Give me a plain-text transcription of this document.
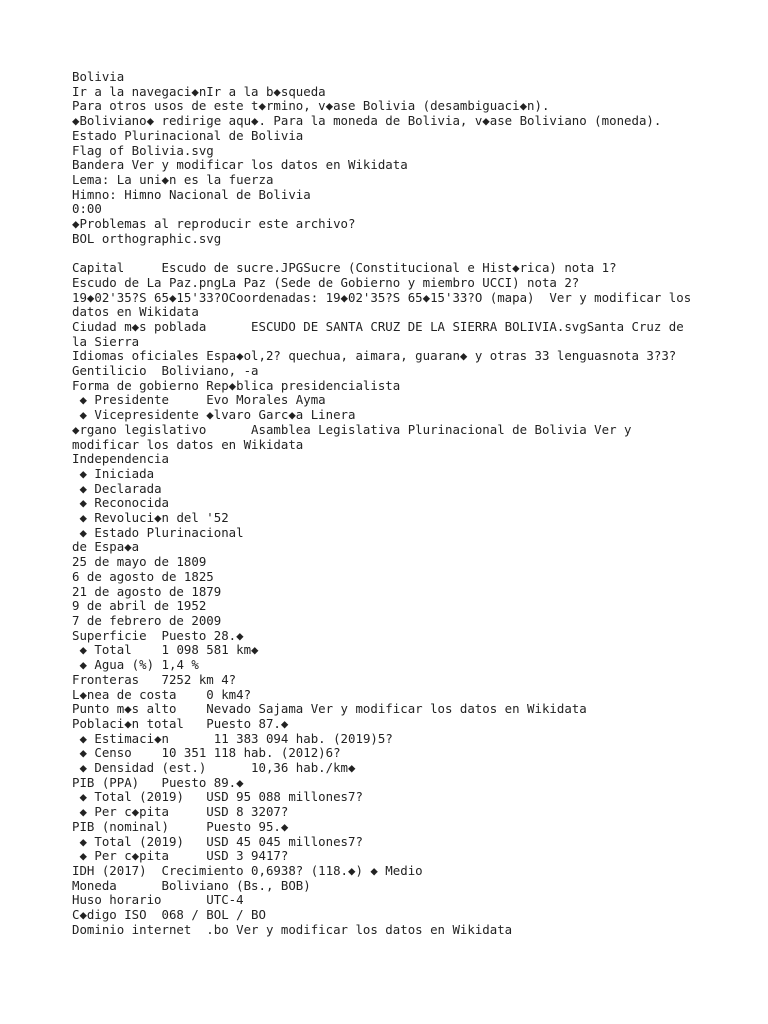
Bolivia
Ir a la navegaci◆nIr a la b◆squeda
Para otros usos de este t◆rmino, v◆ase Bolivia (desambiguaci◆n).
◆Boliviano◆ redirige aqu◆. Para la moneda de Bolivia, v◆ase Boliviano (moneda).
Estado Plurinacional de Bolivia
Flag of Bolivia.svg
Bandera Ver y modificar los datos en Wikidata
Lema: La uni◆n es la fuerza
Himno: Himno Nacional de Bolivia
0:00
◆Problemas al reproducir este archivo?
BOL orthographic.svg
Capital     Escudo de sucre.JPGSucre (Constitucional e Hist◆rica) nota 1?
Escudo de La Paz.pngLa Paz (Sede de Gobierno y miembro UCCI) nota 2?
19◆02'35?S 65◆15'33?OCoordenadas: 19◆02'35?S 65◆15'33?O (mapa)  Ver y modificar los datos en Wikidata
Ciudad m◆s poblada      ESCUDO DE SANTA CRUZ DE LA SIERRA BOLIVIA.svgSanta Cruz de la Sierra
Idiomas oficiales Espa◆ol,2? quechua, aimara, guaran◆ y otras 33 lenguasnota 3?3?
Gentilicio  Boliviano, -a
Forma de gobierno Rep◆blica presidencialista
◆ Presidente     Evo Morales Ayma
◆ Vicepresidente ◆lvaro Garc◆a Linera
◆rgano legislativo      Asamblea Legislativa Plurinacional de Bolivia Ver y modificar los datos en Wikidata
Independencia
◆ Iniciada
◆ Declarada
◆ Reconocida
◆ Revoluci◆n del '52
◆ Estado Plurinacional
de Espa◆a
25 de mayo de 1809
6 de agosto de 1825
21 de agosto de 1879
9 de abril de 1952
7 de febrero de 2009
Superficie  Puesto 28.◆
◆ Total    1 098 581 km◆
◆ Agua (%) 1,4 %
Fronteras   7252 km 4?
L◆nea de costa    0 km4?
Punto m◆s alto    Nevado Sajama Ver y modificar los datos en Wikidata
Poblaci◆n total   Puesto 87.◆
◆ Estimaci◆n      11 383 094 hab. (2019)5?
◆ Censo    10 351 118 hab. (2012)6?
◆ Densidad (est.)      10,36 hab./km◆
PIB (PPA)   Puesto 89.◆
◆ Total (2019)   USD 95 088 millones7?
◆ Per c◆pita     USD 8 3207?
PIB (nominal)     Puesto 95.◆
◆ Total (2019)   USD 45 045 millones7?
◆ Per c◆pita     USD 3 9417?
IDH (2017)  Crecimiento 0,6938? (118.◆) ◆ Medio
Moneda      Boliviano (Bs., BOB)
Huso horario      UTC-4
C◆digo ISO  068 / BOL / BO
Dominio internet  .bo Ver y modificar los datos en Wikidata
